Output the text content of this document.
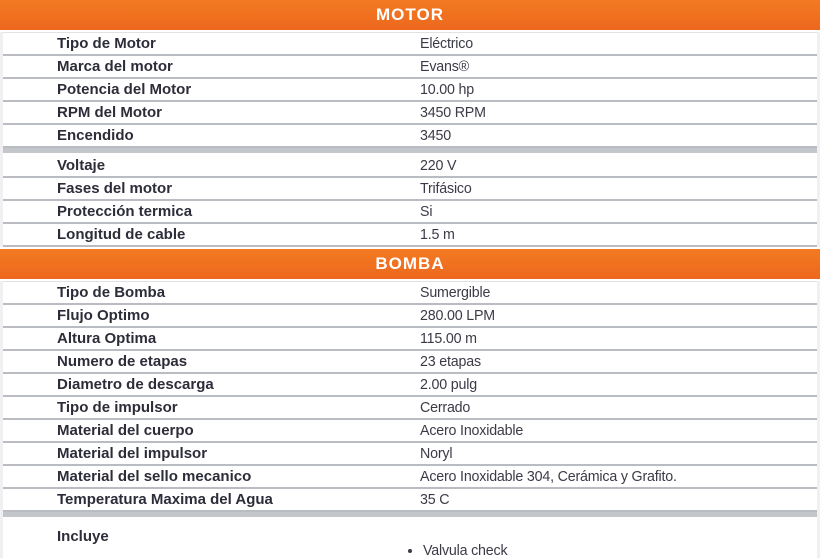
MOTOR
Tipo de Motor	Eléctrico
Marca del motor	Evans®
Potencia del Motor	10.00 hp
RPM del Motor	3450 RPM
Encendido	3450
Voltaje	220 V
Fases del motor	Trifásico
Protección termica	Si
Longitud de cable	1.5 m
BOMBA
Tipo de Bomba	Sumergible
Flujo Optimo	280.00 LPM
Altura Optima	115.00 m
Numero de etapas	23 etapas
Diametro de descarga	2.00 pulg
Tipo de impulsor	Cerrado
Material del cuerpo	Acero Inoxidable
Material del impulsor	Noryl
Material del sello mecanico	Acero Inoxidable 304, Cerámica y Grafito.
Temperatura Maxima del Agua	35 C
Incluye
• Valvula check
